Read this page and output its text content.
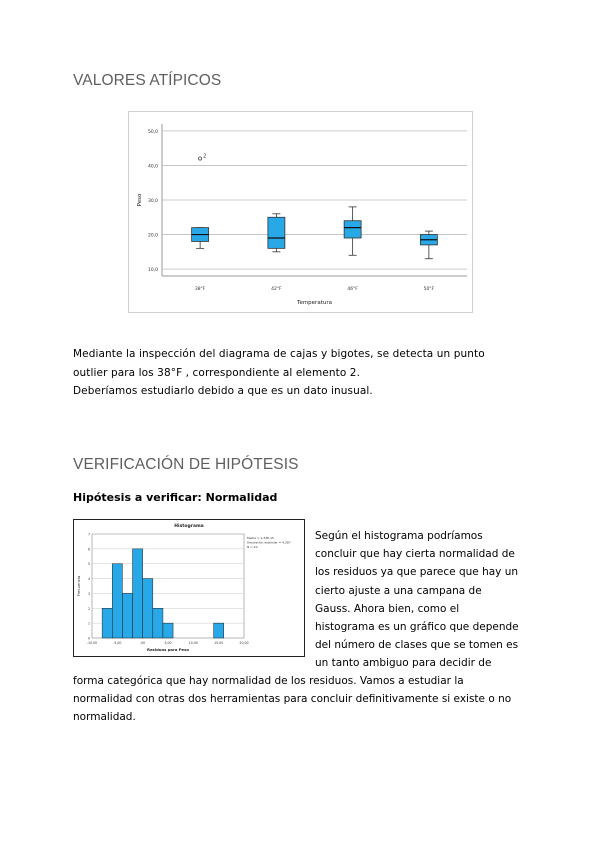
VALORES ATÍPICOS
10,0
20,0
30,0
40,0
50,0
Peso
Temperatura
38°F	42°F	46°F	50°F
2

Mediante la inspección del diagrama de cajas y bigotes, se detecta un punto

outlier para los 38°F , correspondiente al elemento 2.

Deberíamos estudiarlo debido a que es un dato inusual.

VERIFICACIÓN DE HIPÓTESIS
Hipótesis a verificar: Normalidad
Histograma
0
1
2
3
4
5
6
7
Frecuencia
-10,00	-5,00	,00	5,00	10,00	15,00	20,00
Residuos para Peso
Media = 1,33E-15
Desviación estándar = 4,387
N = 20

Según el histograma podríamos

concluir que hay cierta normalidad de

los residuos ya que parece que hay un

cierto ajuste a una campana de

Gauss. Ahora bien, como el

histograma es un gráfico que depende

del número de clases que se tomen es

un tanto ambiguo para decidir de

forma categórica que hay normalidad de los residuos. Vamos a estudiar la

normalidad con otras dos herramientas para concluir definitivamente si existe o no

normalidad.
